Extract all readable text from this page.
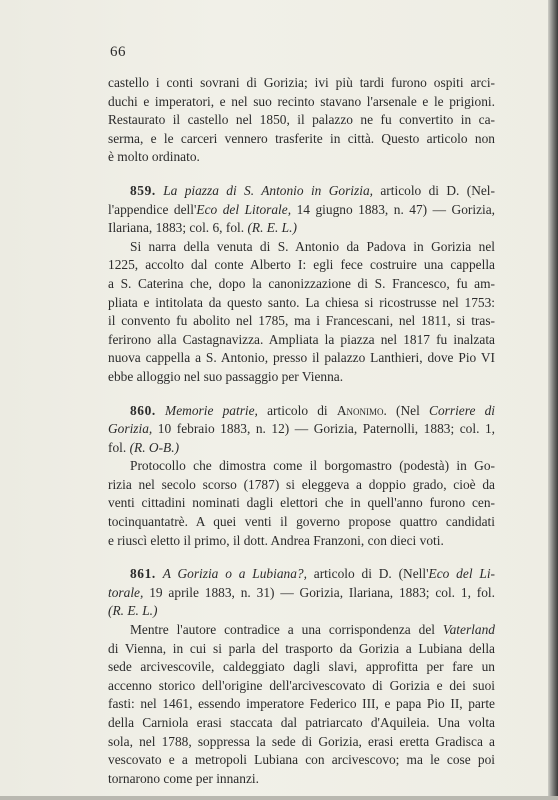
66

castello i conti sovrani di Gorizia; ivi più tardi furono ospiti arci-
duchi e imperatori, e nel suo recinto stavano l'arsenale e le prigioni.
Restaurato il castello nel 1850, il palazzo ne fu convertito in ca-
serma, e le carceri vennero trasferite in città. Questo articolo non
è molto ordinato.

859. La piazza di S. Antonio in Gorizia, articolo di D. (Nel-
l'appendice dell'Eco del Litorale, 14 giugno 1883, n. 47) — Gorizia,
Ilariana, 1883; col. 6, fol. (R. E. L.)
Si narra della venuta di S. Antonio da Padova in Gorizia nel
1225, accolto dal conte Alberto I: egli fece costruire una cappella
a S. Caterina che, dopo la canonizzazione di S. Francesco, fu am-
pliata e intitolata da questo santo. La chiesa si ricostrusse nel 1753:
il convento fu abolito nel 1785, ma i Francescani, nel 1811, si tras-
ferirono alla Castagnavizza. Ampliata la piazza nel 1817 fu inalzata
nuova cappella a S. Antonio, presso il palazzo Lanthieri, dove Pio VI
ebbe alloggio nel suo passaggio per Vienna.
860. Memorie patrie, articolo di Anonimo. (Nel Corriere di
Gorizia, 10 febraio 1883, n. 12) — Gorizia, Paternolli, 1883; col. 1,
fol. (R. O-B.)
Protocollo che dimostra come il borgomastro (podestà) in Go-
rizia nel secolo scorso (1787) si eleggeva a doppio grado, cioè da
venti cittadini nominati dagli elettori che in quell'anno furono cen-
tocinquantatrè. A quei venti il governo propose quattro candidati
e riuscì eletto il primo, il dott. Andrea Franzoni, con dieci voti.
861. A Gorizia o a Lubiana?, articolo di D. (Nell'Eco del Li-
torale, 19 aprile 1883, n. 31) — Gorizia, Ilariana, 1883; col. 1, fol.
(R. E. L.)
Mentre l'autore contradice a una corrispondenza del Vaterland
di Vienna, in cui si parla del trasporto da Gorizia a Lubiana della
sede arcivescovile, caldeggiato dagli slavi, approfitta per fare un
accenno storico dell'origine dell'arcivescovato di Gorizia e dei suoi
fasti: nel 1461, essendo imperatore Federico III, e papa Pio II, parte
della Carniola erasi staccata dal patriarcato d'Aquileia. Una volta
sola, nel 1788, soppressa la sede di Gorizia, erasi eretta Gradisca a
vescovato e a metropoli Lubiana con arcivescovo; ma le cose poi
tornarono come per innanzi.
